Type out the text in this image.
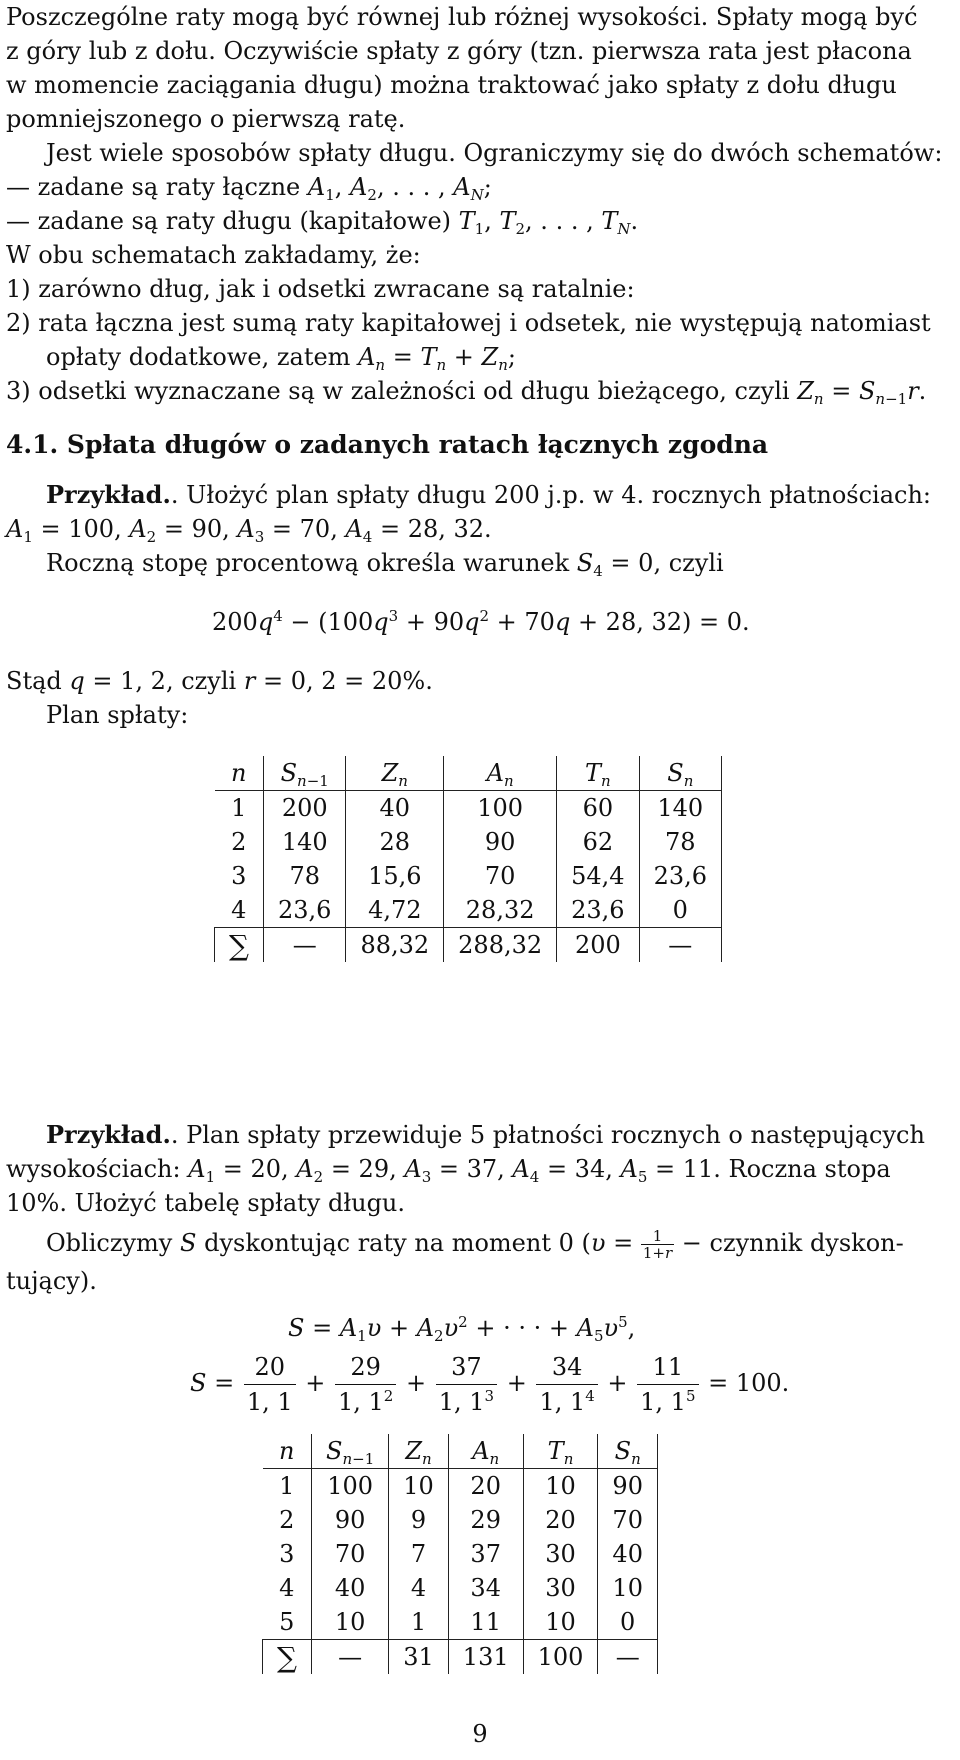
Poszczególne raty mogą być równej lub różnej wysokości. Spłaty mogą być
z góry lub z dołu. Oczywiście spłaty z góry (tzn. pierwsza rata jest płacona
w momencie zaciągania długu) można traktować jako spłaty z dołu długu
pomniejszonego o pierwszą ratę.
Jest wiele sposobów spłaty długu. Ograniczymy się do dwóch schematów:
— zadane są raty łączne $A_1$, $A_2$, . . . , $A_N$;
— zadane są raty długu (kapitałowe) $T_1$, $T_2$, . . . , $T_N$.
W obu schematach zakładamy, że:
1) zarówno dług, jak i odsetki zwracane są ratalnie:
2) rata łączna jest sumą raty kapitałowej i odsetek, nie występują natomiast
opłaty dodatkowe, zatem $A_n = T_n + Z_n$;
3) odsetki wyznaczane są w zależności od długu bieżącego, czyli $Z_n = S_{n-1}r$.
4.1. Spłata długów o zadanych ratach łącznych zgodna
Przykład.. Ułożyć plan spłaty długu 200 j.p. w 4. rocznych płatnościach:
$A_1 = 100$, $A_2 = 90$, $A_3 = 70$, $A_4 = 28$, 32.
Roczną stopę procentową określa warunek $S_4 = 0$, czyli
$200q^4 - (100q^3 + 90q^2 + 70q + 28$, 32) = 0.
Stąd q = 1, 2, czyli r = 0, 2 = 20%.
Plan spłaty:
n	$S_{n-1}$	$Z_n$	$A_n$	$T_n$	$S_n$
1	200	40	100	60	140
2	140	28	90	62	78
3	78	15,6	70	54,4	23,6
4	23,6	4,72	28,32	23,6	0
∑	—	88,32	288,32	200	—
Przykład.. Plan spłaty przewiduje 5 płatności rocznych o następujących
wysokościach: $A_1 = 20$, $A_2 = 29$, $A_3 = 37$, $A_4 = 34$, $A_5 = 11$. Roczna stopa
10%. Ułożyć tabelę spłaty długu.
Obliczymy S dyskontując raty na moment 0 ($\upsilon = \frac{1}{1+r}$ − czynnik dyskon-
tujący).
$S = A_1\upsilon + A_2\upsilon^2$ + · · · + $A_5\upsilon^5$,
$S = \frac{20}{1, 1} + \frac{29}{1, 1^2} + \frac{37}{1, 1^3} + \frac{34}{1, 1^4} + \frac{11}{1, 1^5} = 100$.
n	$S_{n-1}$	$Z_n$	$A_n$	$T_n$	$S_n$
1	100	10	20	10	90
2	90	9	29	20	70
3	70	7	37	30	40
4	40	4	34	30	10
5	10	1	11	10	0
∑	—	31	131	100	—
9
